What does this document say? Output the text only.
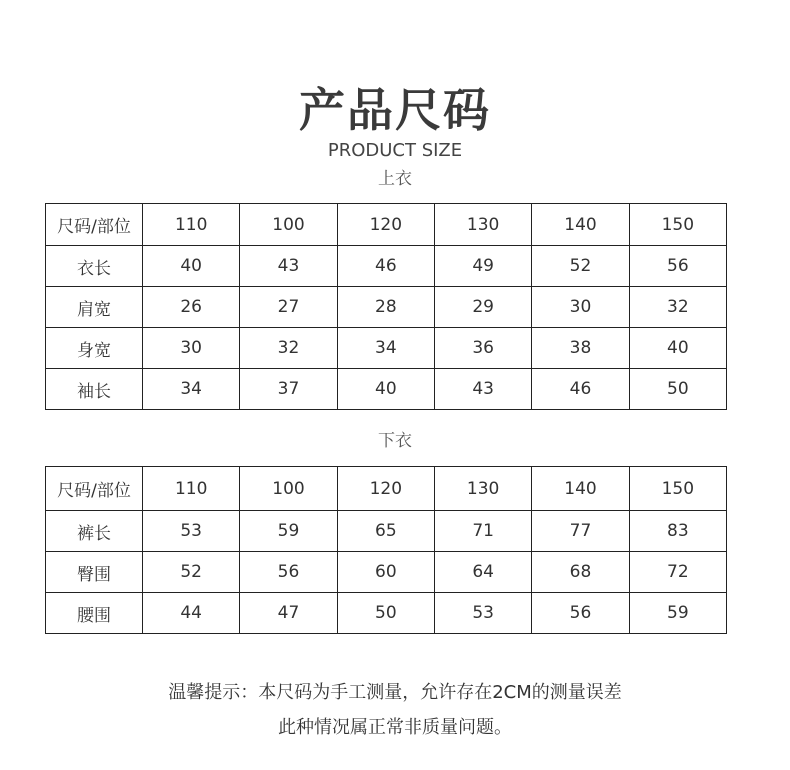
产品尺码
PRODUCT SIZE
上衣
尺码/部位	110	100	120	130	140	150
衣长	40	43	46	49	52	56
肩宽	26	27	28	29	30	32
身宽	30	32	34	36	38	40
袖长	34	37	40	43	46	50
下衣
尺码/部位	110	100	120	130	140	150
裤长	53	59	65	71	77	83
臀围	52	56	60	64	68	72
腰围	44	47	50	53	56	59
温馨提示：本尺码为手工测量，允许存在2CM的测量误差
此种情况属正常非质量问题。
